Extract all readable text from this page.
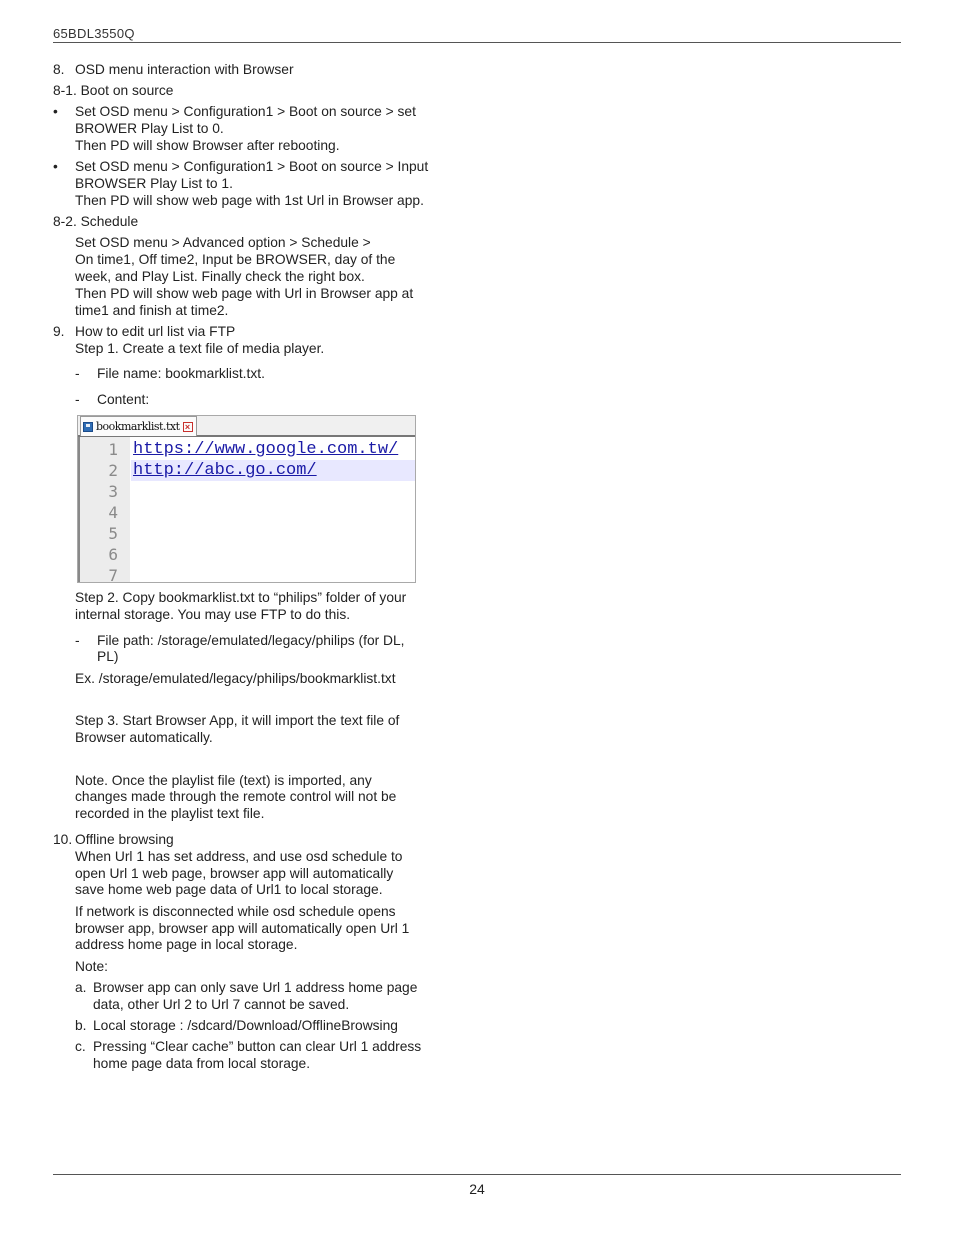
65BDL3550Q
8. OSD menu interaction with Browser
8-1. Boot on source
• Set OSD menu > Configuration1 > Boot on source > set
BROWER Play List to 0.
Then PD will show Browser after rebooting.
• Set OSD menu > Configuration1 > Boot on source > Input
BROWSER Play List to 1.
Then PD will show web page with 1st Url in Browser app.
8-2. Schedule
Set OSD menu > Advanced option > Schedule >
On time1, Off time2, Input be BROWSER, day of the
week, and Play List. Finally check the right box.
Then PD will show web page with Url in Browser app at
time1 and finish at time2.
9. How to edit url list via FTP
Step 1. Create a text file of media player.
- File name: bookmarklist.txt.
- Content:
bookmarklist.txt ×
1
2
3
4
5
6
7
https://www.google.com.tw/
http://abc.go.com/
Step 2. Copy bookmarklist.txt to “philips” folder of your
internal storage. You may use FTP to do this.
- File path: /storage/emulated/legacy/philips (for DL,
PL)
Ex. /storage/emulated/legacy/philips/bookmarklist.txt
Step 3. Start Browser App, it will import the text file of
Browser automatically.
Note. Once the playlist file (text) is imported, any
changes made through the remote control will not be
recorded in the playlist text file.
10. Offline browsing
When Url 1 has set address, and use osd schedule to
open Url 1 web page, browser app will automatically
save home web page data of Url1 to local storage.
If network is disconnected while osd schedule opens
browser app, browser app will automatically open Url 1
address home page in local storage.
Note:
a. Browser app can only save Url 1 address home page
data, other Url 2 to Url 7 cannot be saved.
b. Local storage : /sdcard/Download/OfflineBrowsing
c. Pressing “Clear cache” button can clear Url 1 address
home page data from local storage.
24
